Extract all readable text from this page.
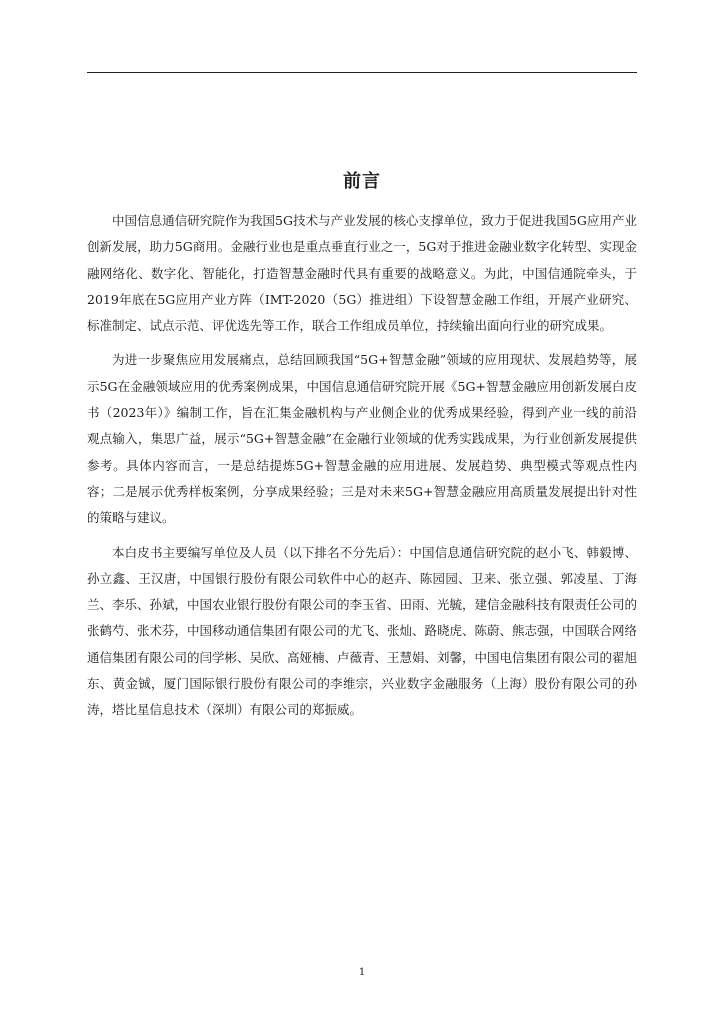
前言

中国信息通信研究院作为我国5G技术与产业发展的核心支撑单位，致力于促进我国5G应用产业创新发展，助力5G商用。金融行业也是重点垂直行业之一，5G对于推进金融业数字化转型、实现金融网络化、数字化、智能化，打造智慧金融时代具有重要的战略意义。为此，中国信通院牵头，于2019年底在5G应用产业方阵（IMT-2020（5G）推进组）下设智慧金融工作组，开展产业研究、标准制定、试点示范、评优选先等工作，联合工作组成员单位，持续输出面向行业的研究成果。

为进一步聚焦应用发展痛点，总结回顾我国“5G+智慧金融”领域的应用现状、发展趋势等，展示5G在金融领域应用的优秀案例成果，中国信息通信研究院开展《5G+智慧金融应用创新发展白皮书（2023年）》编制工作，旨在汇集金融机构与产业侧企业的优秀成果经验，得到产业一线的前沿观点输入，集思广益，展示“5G+智慧金融”在金融行业领域的优秀实践成果，为行业创新发展提供参考。具体内容而言，一是总结提炼5G+智慧金融的应用进展、发展趋势、典型模式等观点性内容；二是展示优秀样板案例，分享成果经验；三是对未来5G+智慧金融应用高质量发展提出针对性的策略与建议。

本白皮书主要编写单位及人员（以下排名不分先后）：中国信息通信研究院的赵小飞、韩毅博、孙立鑫、王汉唐，中国银行股份有限公司软件中心的赵卉、陈园园、卫来、张立强、郭凌星、丁海兰、李乐、孙斌，中国农业银行股份有限公司的李玉省、田雨、光毓，建信金融科技有限责任公司的张鹤芍、张术芬，中国移动通信集团有限公司的尤飞、张灿、路晓虎、陈蔚、熊志强，中国联合网络通信集团有限公司的闫学彬、吴欣、高娅楠、卢薇青、王慧娟、刘馨，中国电信集团有限公司的翟旭东、黄金铖，厦门国际银行股份有限公司的李维宗，兴业数字金融服务（上海）股份有限公司的孙涛，塔比星信息技术（深圳）有限公司的郑振威。

1
